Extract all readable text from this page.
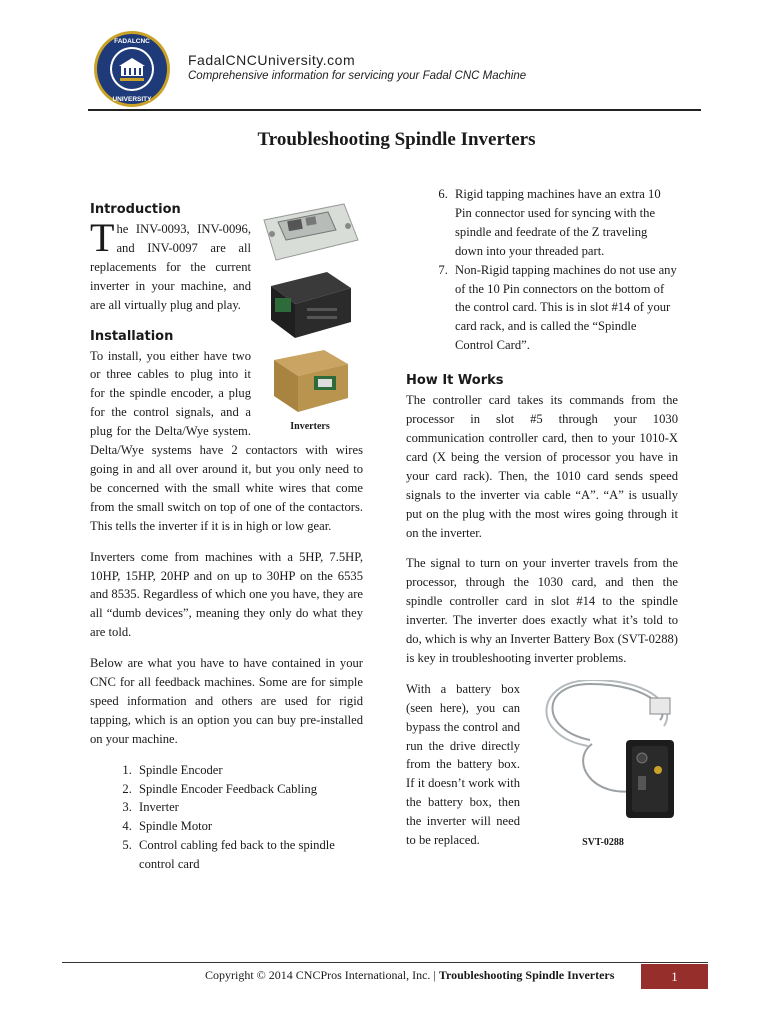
FADALCNC
UNIVERSITY
FadalCNCUniversity.com
Comprehensive information for servicing your Fadal CNC Machine
Troubleshooting Spindle Inverters
Inverters
Introduction

The INV-0093, INV-0096, and INV-0097 are all replacements for the current inverter in your machine, and are all virtually plug and play.

Installation

To install, you either have two or three cables to plug into it for the spindle encoder, a plug for the control signals, and a plug for the Delta/Wye system. Delta/Wye systems have 2 contactors with wires going in and all over around it, but you only need to be concerned with the small white wires that come from the small switch on top of one of the contactors. This tells the inverter if it is in high or low gear.

Inverters come from machines with a 5HP, 7.5HP, 10HP, 15HP, 20HP and on up to 30HP on the 6535 and 8535. Regardless of which one you have, they are all “dumb devices”, meaning they only do what they are told.

Below are what you have to have contained in your CNC for all feedback machines. Some are for simple speed information and others are used for rigid tapping, which is an option you can buy pre-installed on your machine.

1. Spindle Encoder
2. Spindle Encoder Feedback Cabling
3. Inverter
4. Spindle Motor
5. Control cabling fed back to the spindle control card
6. Rigid tapping machines have an extra 10 Pin connector used for syncing with the spindle and feedrate of the Z traveling down into your threaded part.
7. Non-Rigid tapping machines do not use any of the 10 Pin connectors on the bottom of the control card. This is in slot #14 of your card rack, and is called the “Spindle Control Card”.
How It Works

The controller card takes its commands from the processor in slot #5 through your 1030 communication controller card, then to your 1010-X card (X being the version of processor you have in your card rack). Then, the 1010 card sends speed signals to the inverter via cable “A”. “A” is usually put on the plug with the most wires going through it on the inverter.

The signal to turn on your inverter travels from the processor, through the 1030 card, and then the spindle controller card in slot #14 to the spindle inverter. The inverter does exactly what it’s told to do, which is why an Inverter Battery Box (SVT-0288) is key in troubleshooting inverter problems.

SVT-0288

With a battery box (seen here), you can bypass the control and run the drive directly from the battery box. If it doesn’t work with the battery box, then the inverter will need to be replaced.

Copyright © 2014 CNCPros International, Inc. | Troubleshooting Spindle Inverters	1
